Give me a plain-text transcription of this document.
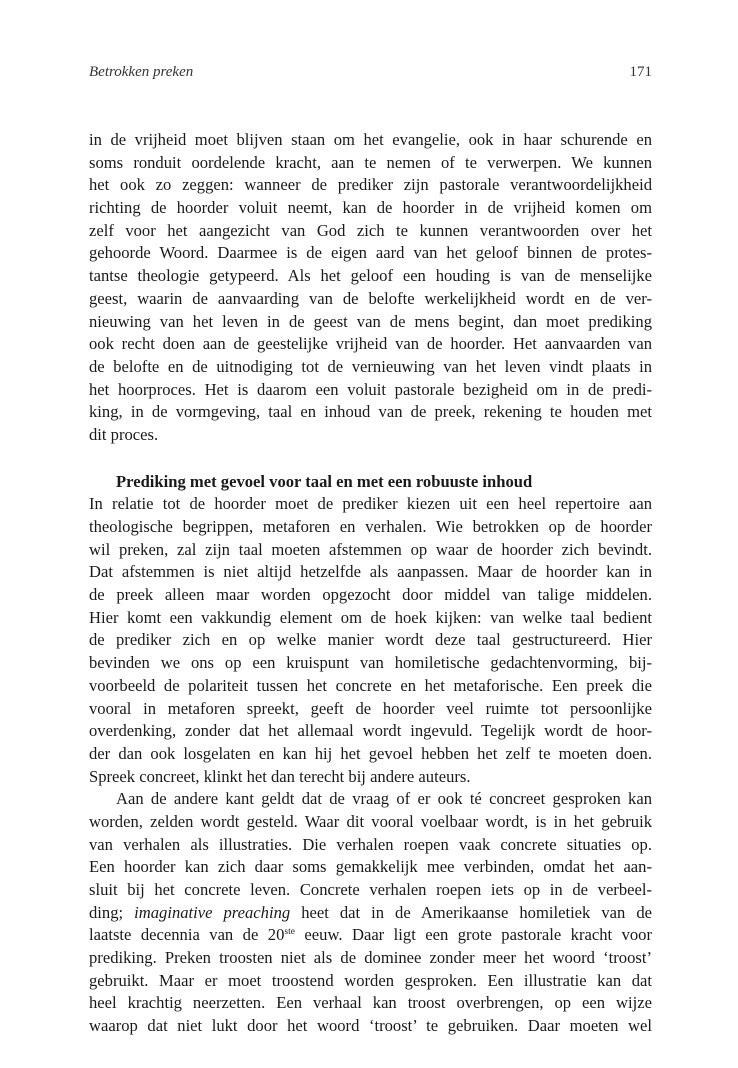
Betrokken preken	171
in de vrijheid moet blijven staan om het evangelie, ook in haar schurende en
soms ronduit oordelende kracht, aan te nemen of te verwerpen. We kunnen
het ook zo zeggen: wanneer de prediker zijn pastorale verantwoordelijkheid
richting de hoorder voluit neemt, kan de hoorder in de vrijheid komen om
zelf voor het aangezicht van God zich te kunnen verantwoorden over het
gehoorde Woord. Daarmee is de eigen aard van het geloof binnen de protes-
tantse theologie getypeerd. Als het geloof een houding is van de menselijke
geest, waarin de aanvaarding van de belofte werkelijkheid wordt en de ver-
nieuwing van het leven in de geest van de mens begint, dan moet prediking
ook recht doen aan de geestelijke vrijheid van de hoorder. Het aanvaarden van
de belofte en de uitnodiging tot de vernieuwing van het leven vindt plaats in
het hoorproces. Het is daarom een voluit pastorale bezigheid om in de predi-
king, in de vormgeving, taal en inhoud van de preek, rekening te houden met
dit proces.
Prediking met gevoel voor taal en met een robuuste inhoud
In relatie tot de hoorder moet de prediker kiezen uit een heel repertoire aan
theologische begrippen, metaforen en verhalen. Wie betrokken op de hoorder
wil preken, zal zijn taal moeten afstemmen op waar de hoorder zich bevindt.
Dat afstemmen is niet altijd hetzelfde als aanpassen. Maar de hoorder kan in
de preek alleen maar worden opgezocht door middel van talige middelen.
Hier komt een vakkundig element om de hoek kijken: van welke taal bedient
de prediker zich en op welke manier wordt deze taal gestructureerd. Hier
bevinden we ons op een kruispunt van homiletische gedachtenvorming, bij-
voorbeeld de polariteit tussen het concrete en het metaforische. Een preek die
vooral in metaforen spreekt, geeft de hoorder veel ruimte tot persoonlijke
overdenking, zonder dat het allemaal wordt ingevuld. Tegelijk wordt de hoor-
der dan ook losgelaten en kan hij het gevoel hebben het zelf te moeten doen.
Spreek concreet, klinkt het dan terecht bij andere auteurs.
Aan de andere kant geldt dat de vraag of er ook té concreet gesproken kan
worden, zelden wordt gesteld. Waar dit vooral voelbaar wordt, is in het gebruik
van verhalen als illustraties. Die verhalen roepen vaak concrete situaties op.
Een hoorder kan zich daar soms gemakkelijk mee verbinden, omdat het aan-
sluit bij het concrete leven. Concrete verhalen roepen iets op in de verbeel-
ding; imaginative preaching heet dat in de Amerikaanse homiletiek van de
laatste decennia van de 20ste eeuw. Daar ligt een grote pastorale kracht voor
prediking. Preken troosten niet als de dominee zonder meer het woord ‘troost’
gebruikt. Maar er moet troostend worden gesproken. Een illustratie kan dat
heel krachtig neerzetten. Een verhaal kan troost overbrengen, op een wijze
waarop dat niet lukt door het woord ‘troost’ te gebruiken. Daar moeten wel
